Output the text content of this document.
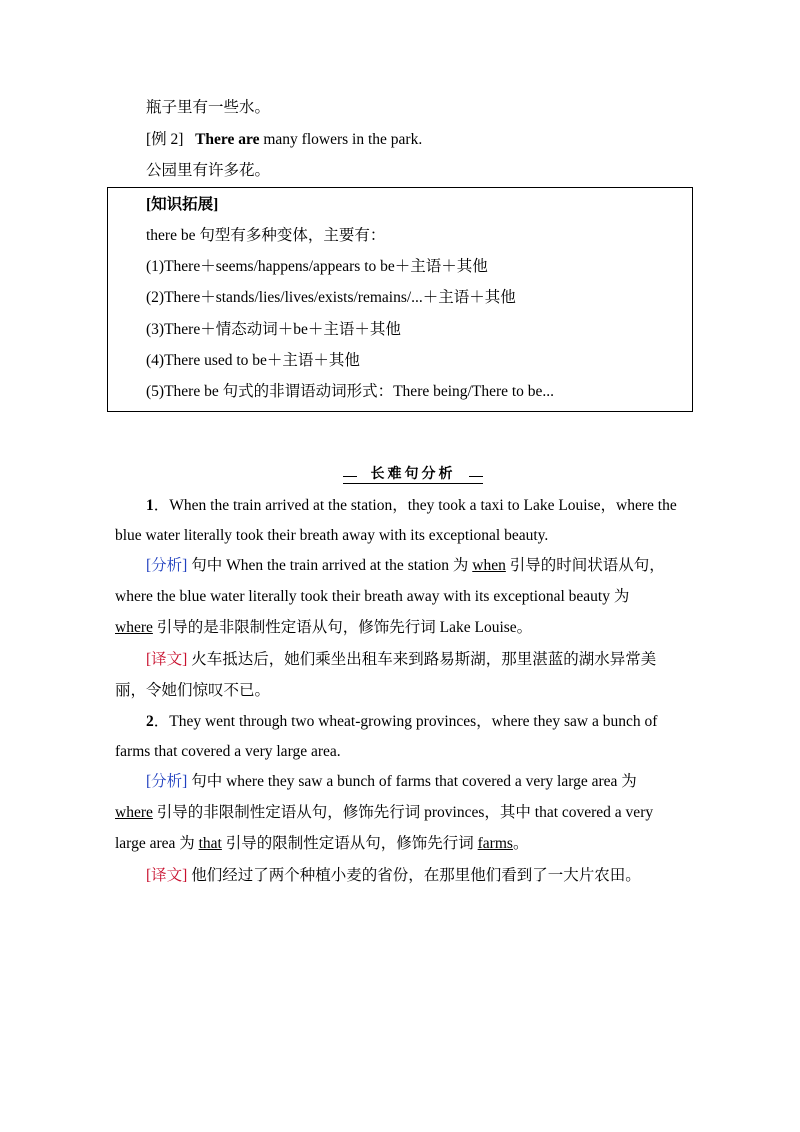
瓶子里有一些水。
[例 2] There are many flowers in the park.
公园里有许多花。
[知识拓展]
there be 句型有多种变体，主要有：
(1)There＋seems/happens/appears to be＋主语＋其他
(2)There＋stands/lies/lives/exists/remains/...＋主语＋其他
(3)There＋情态动词＋be＋主语＋其他
(4)There used to be＋主语＋其他
(5)There be 句式的非谓语动词形式：There being/There to be...
长难句分析
1．When the train arrived at the station，they took a taxi to Lake Louise，where the
blue water literally took their breath away with its exceptional beauty.
[分析] 句中 When the train arrived at the station 为 when 引导的时间状语从句，
where the blue water literally took their breath away with its exceptional beauty 为
where 引导的是非限制性定语从句，修饰先行词 Lake Louise。
[译文] 火车抵达后，她们乘坐出租车来到路易斯湖，那里湛蓝的湖水异常美
丽，令她们惊叹不已。
2．They went through two wheat-growing provinces，where they saw a bunch of
farms that covered a very large area.
[分析] 句中 where they saw a bunch of farms that covered a very large area 为
where 引导的非限制性定语从句，修饰先行词 provinces，其中 that covered a very
large area 为 that 引导的限制性定语从句，修饰先行词 farms。
[译文] 他们经过了两个种植小麦的省份，在那里他们看到了一大片农田。
